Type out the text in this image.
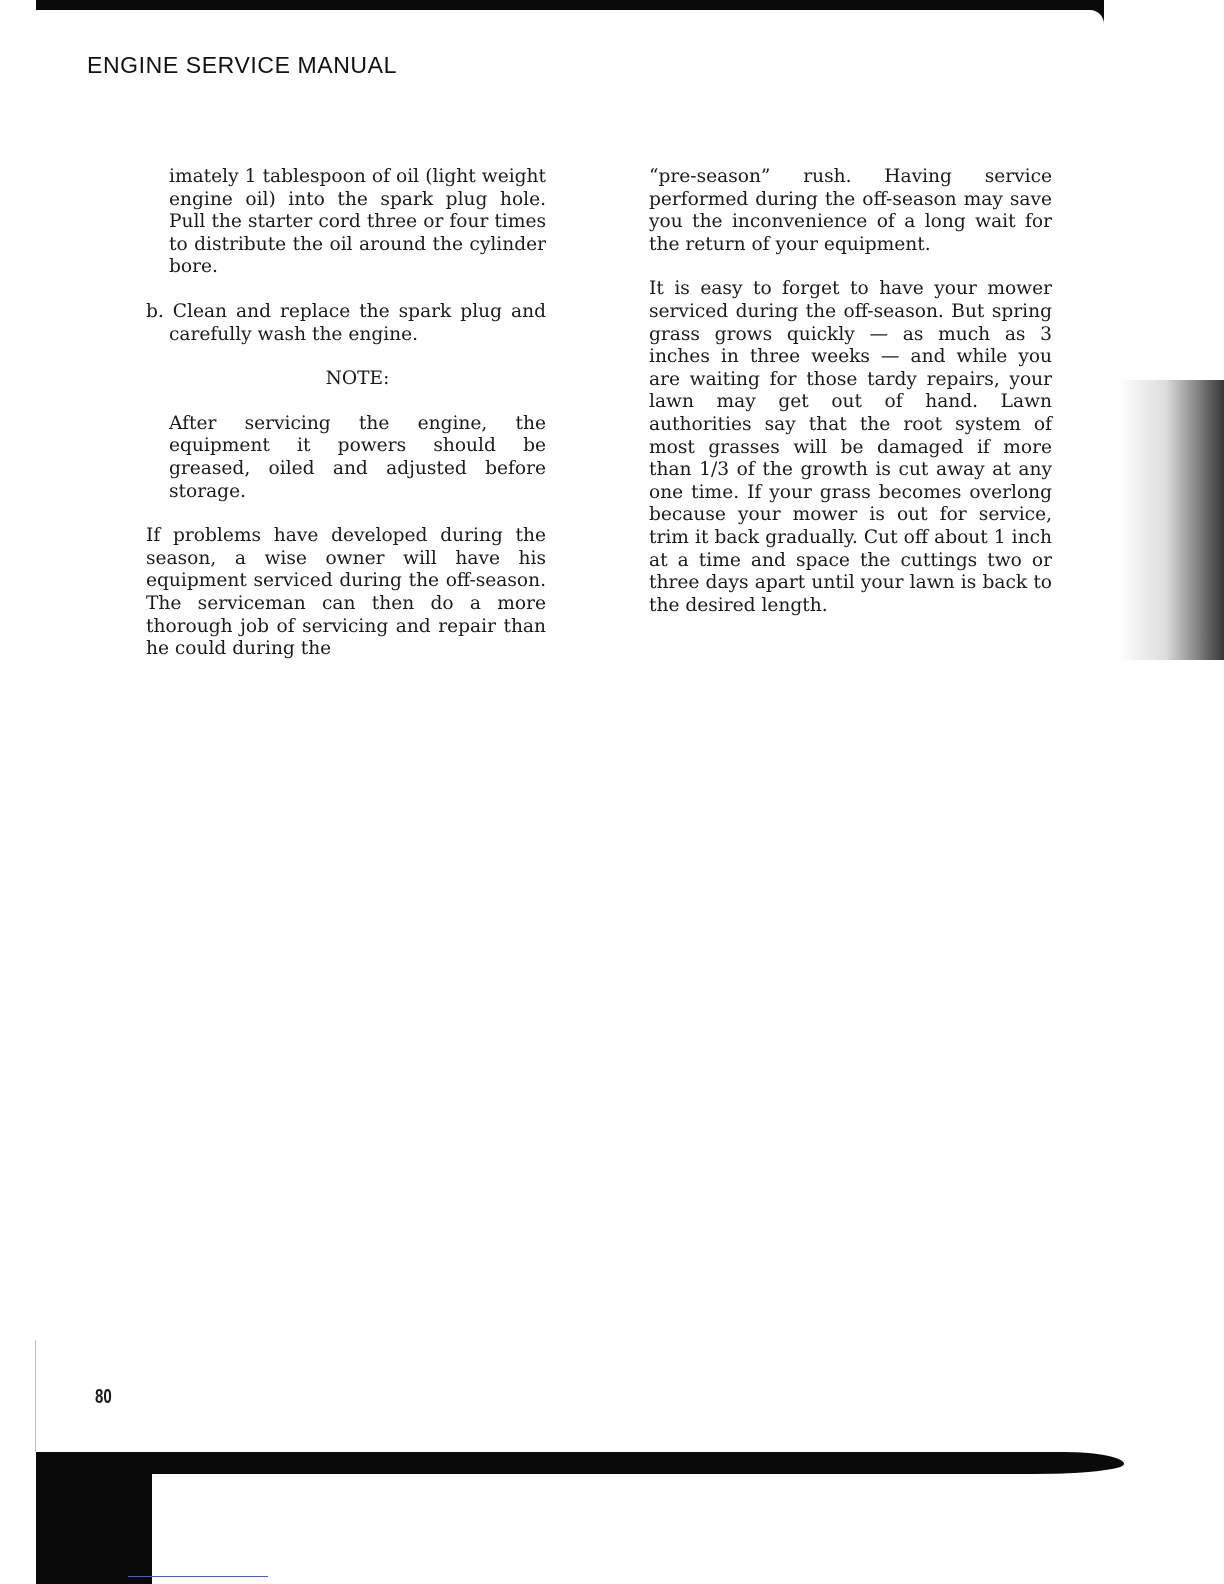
ENGINE SERVICE MANUAL

imately 1 tablespoon of oil (light weight engine oil) into the spark plug hole. Pull the starter cord three or four times to distribute the oil around the cylinder bore.

b. Clean and replace the spark plug and carefully wash the engine.

NOTE:

After servicing the engine, the equipment it powers should be greased, oiled and adjusted before storage.

If problems have developed during the season, a wise owner will have his equipment serviced during the off-season. The serviceman can then do a more thorough job of servicing and repair than he could during the

“pre-season” rush. Having service performed during the off-season may save you the inconvenience of a long wait for the return of your equipment.

It is easy to forget to have your mower serviced during the off-season. But spring grass grows quickly — as much as 3 inches in three weeks — and while you are waiting for those tardy repairs, your lawn may get out of hand. Lawn authorities say that the root system of most grasses will be damaged if more than 1/3 of the growth is cut away at any one time. If your grass becomes overlong because your mower is out for service, trim it back gradually. Cut off about 1 inch at a time and space the cuttings two or three days apart until your lawn is back to the desired length.

80
